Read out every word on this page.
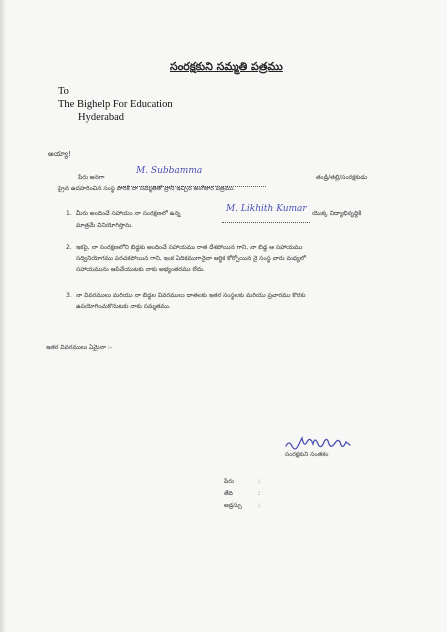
సంరక్షకుని సమ్మతి పత్రము
To
The Bighelp For Education
Hyderabad
అయ్యా!
పేరు అనగా
M. Subbamma
తండ్రి/తల్లి/సంరక్షకుడు
ప్రైన ఉదహరించిన సంస్థ వారికి నా సమ్మతితో వ్రాసి ఇచ్చిన అంగీకార పత్రము.
1. మీరు అందించే సహాయం నా సంరక్షణలో ఉన్న	M. Likhith Kumar యొక్క విద్యాభివృద్ధికి
మాత్రమే వినియోగిస్తాను.
2. ఇకపై, నా సంరక్షణలోని బిడ్డకు అందించే సహాయము రాత దేశపోయిన గాని, నా బిడ్డ ఆ సహాయము
సద్వినియోగము పరచకపోయిన గాని, ఇంక ఏదికముగానైనా ఆర్థిక కోర్పోయిన నై సంస్థ వారు మధ్యలో
సహాయమును ఆపివేయుటకు నాకు అభ్యంతరము లేదు.
3. నా వివరములు మరియు నా బిడ్డల వివరములు దాతలకు ఇతర సంస్థలకు మరియు ప్రచారము కొరకు
ఉపయోగించుకొనుటకు నాకు సమ్మతము.
ఇతర వివరములు ఏమైనా :-
సంరక్షకుని సంతకం
పేరు	:
తేది	:
అడ్రస్సు	:
